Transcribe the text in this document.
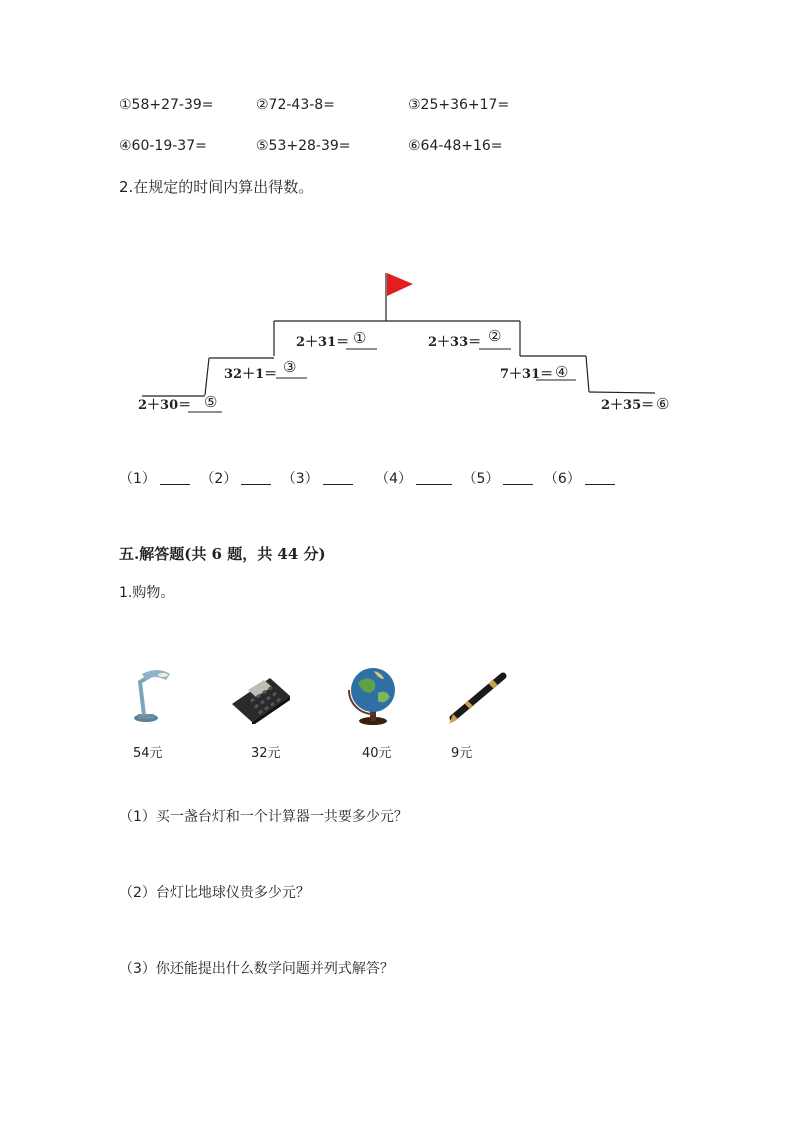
①58+27-39=	②72-43-8=	③25+36+17=
④60-19-37=	⑤53+28-39=	⑥64-48+16=
2.在规定的时间内算出得数。
2＋31＝	2＋33＝
32＋1＝	7＋31＝
2＋30＝	2＋35＝
①	②
③	④
⑤	⑥
（1）	（2）	（3）	（4）	（5）	（6）
五.解答题(共 6 题，共 44 分)
1.购物。
54元	32元	40元	9元
（1）买一盏台灯和一个计算器一共要多少元？
（2）台灯比地球仪贵多少元？
（3）你还能提出什么数学问题并列式解答？
